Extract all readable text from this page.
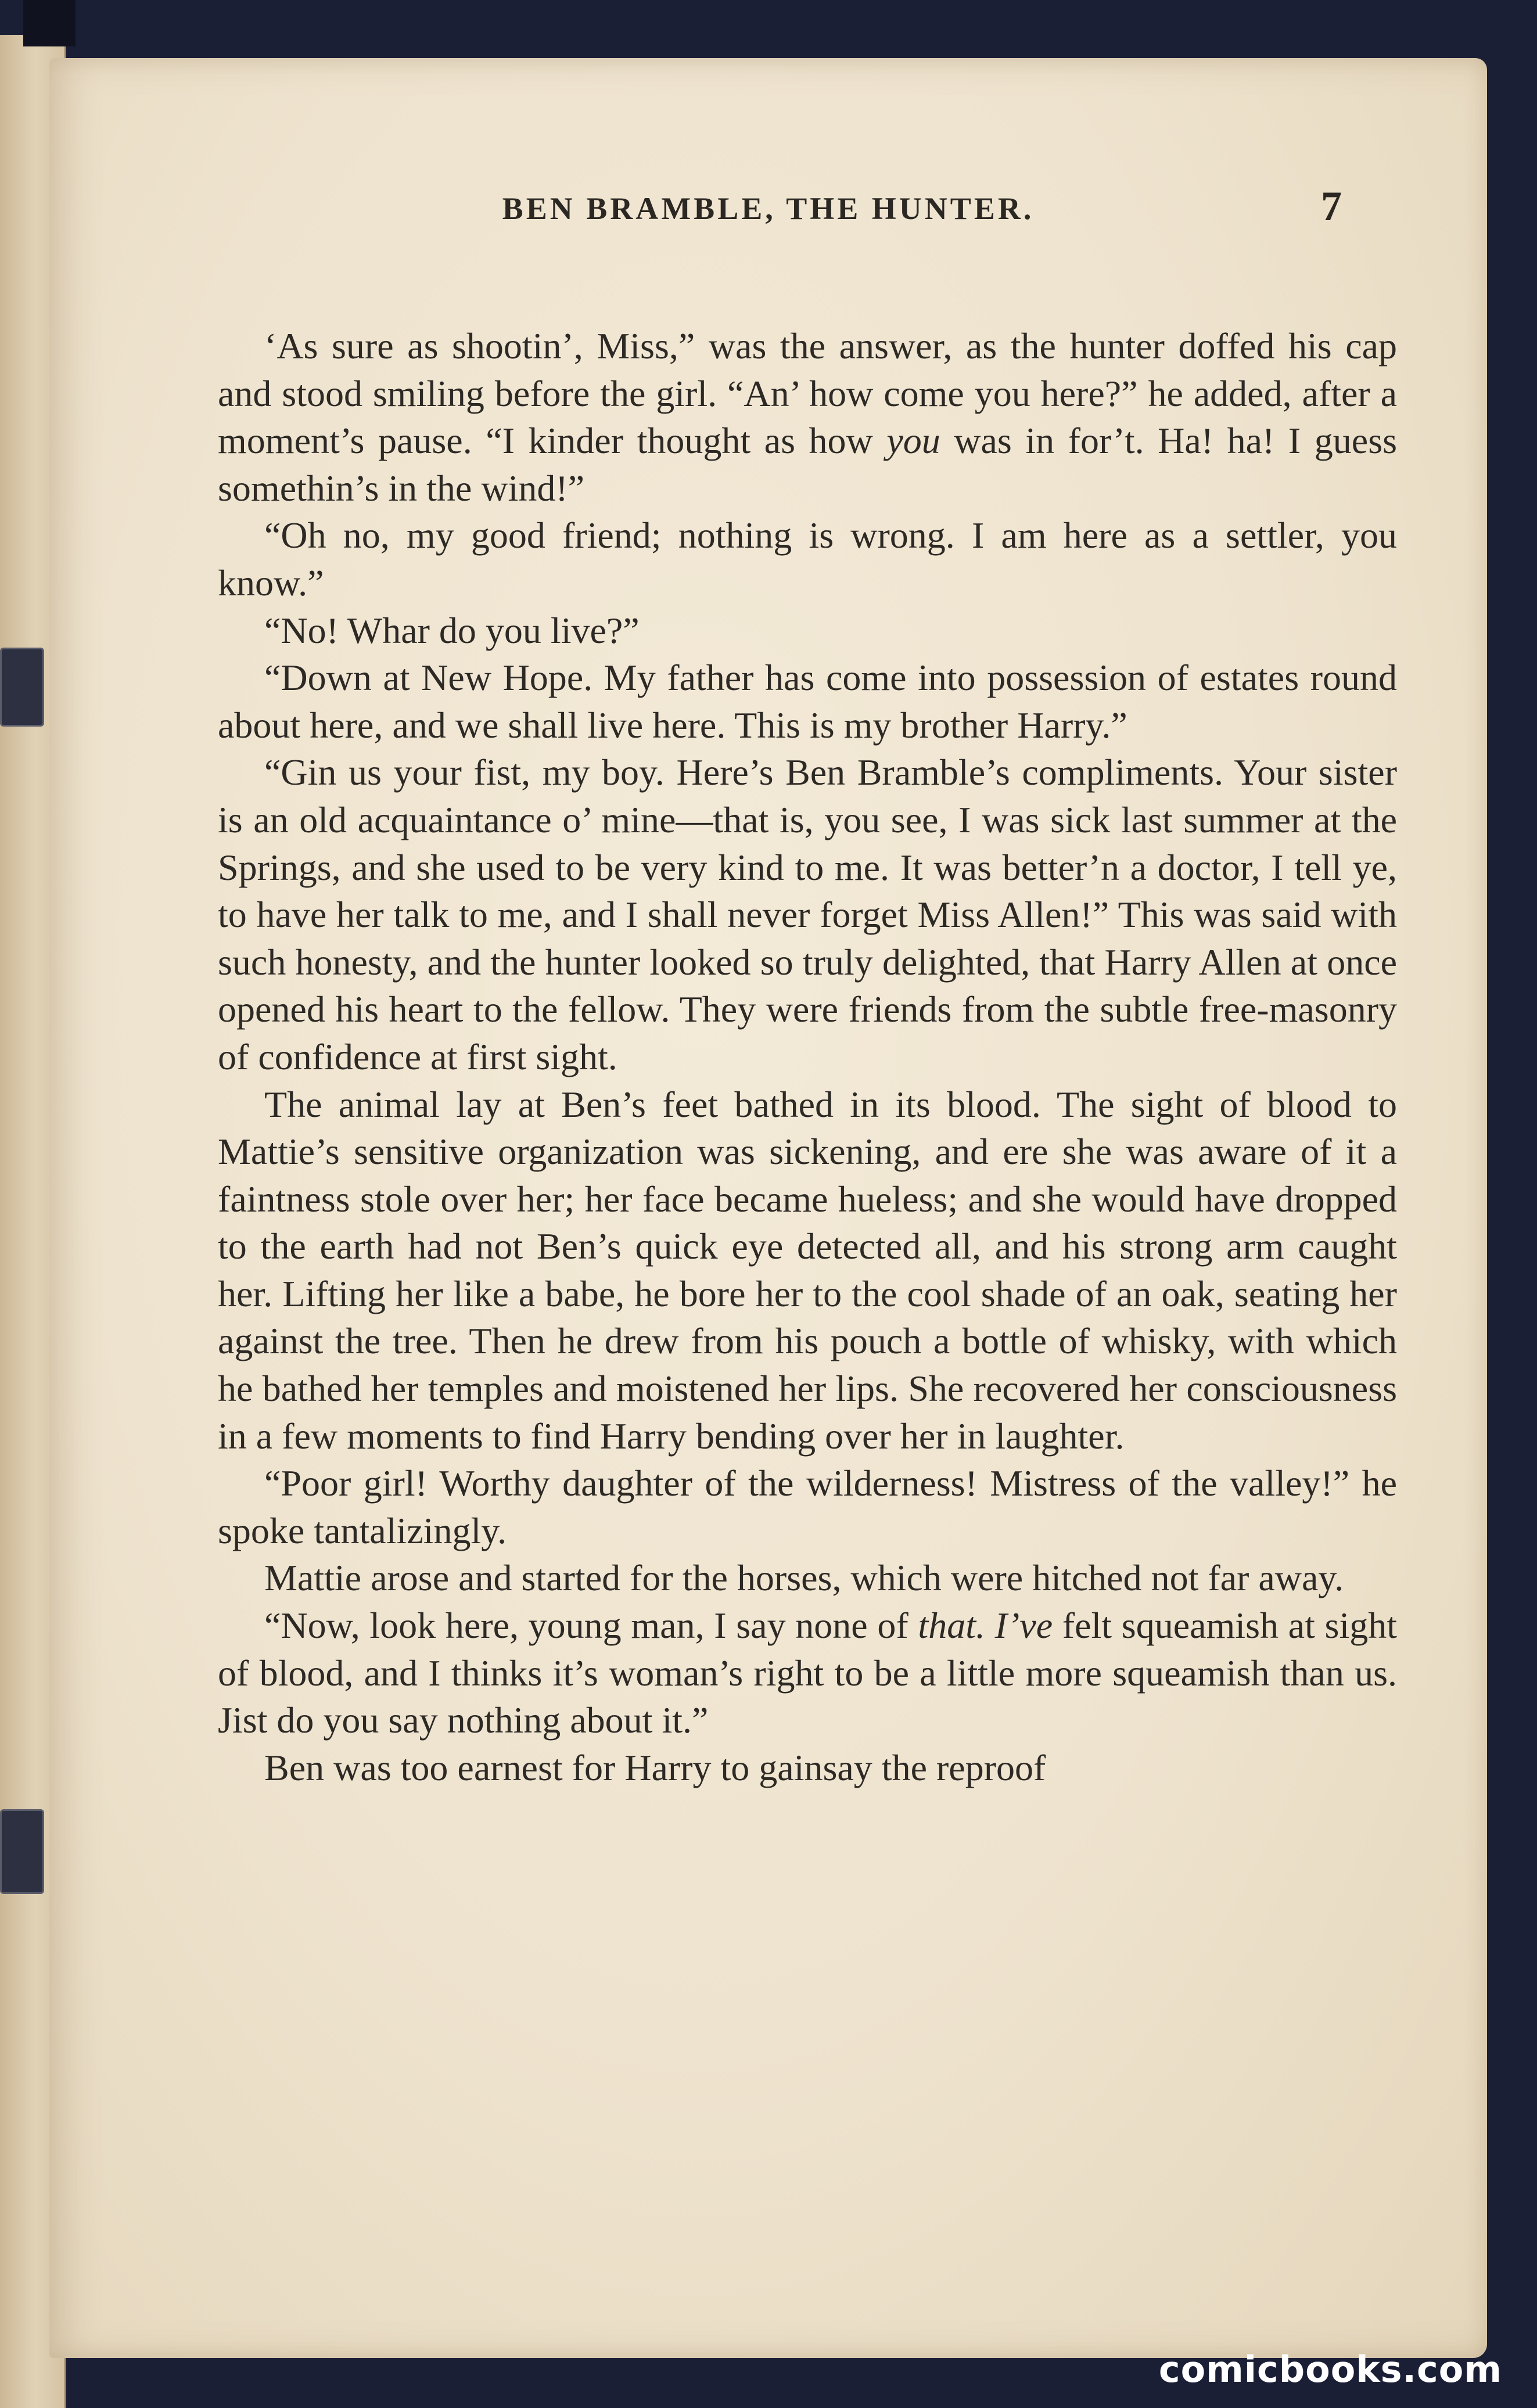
BEN BRAMBLE, THE HUNTER.	7

‘As sure as shootin’, Miss,” was the answer, as the hunter doffed his cap and stood smiling before the girl. “An’ how come you here?” he added, after a moment’s pause. “I kinder thought as how you was in for’t. Ha! ha! I guess somethin’s in the wind!”

“Oh no, my good friend; nothing is wrong. I am here as a settler, you know.”

“No! Whar do you live?”

“Down at New Hope. My father has come into possession of estates round about here, and we shall live here. This is my brother Harry.”

“Gin us your fist, my boy. Here’s Ben Bramble’s compliments. Your sister is an old acquaintance o’ mine—that is, you see, I was sick last summer at the Springs, and she used to be very kind to me. It was better’n a doctor, I tell ye, to have her talk to me, and I shall never forget Miss Allen!” This was said with such honesty, and the hunter looked so truly delighted, that Harry Allen at once opened his heart to the fellow. They were friends from the subtle free-masonry of confidence at first sight.

The animal lay at Ben’s feet bathed in its blood. The sight of blood to Mattie’s sensitive organization was sickening, and ere she was aware of it a faintness stole over her; her face became hueless; and she would have dropped to the earth had not Ben’s quick eye detected all, and his strong arm caught her. Lifting her like a babe, he bore her to the cool shade of an oak, seating her against the tree. Then he drew from his pouch a bottle of whisky, with which he bathed her temples and moistened her lips. She recovered her consciousness in a few moments to find Harry bending over her in laughter.

“Poor girl! Worthy daughter of the wilderness! Mistress of the valley!” he spoke tantalizingly.

Mattie arose and started for the horses, which were hitched not far away.

“Now, look here, young man, I say none of that. I’ve felt squeamish at sight of blood, and I thinks it’s woman’s right to be a little more squeamish than us. Jist do you say nothing about it.”

Ben was too earnest for Harry to gainsay the reproof

comicbooks.com
